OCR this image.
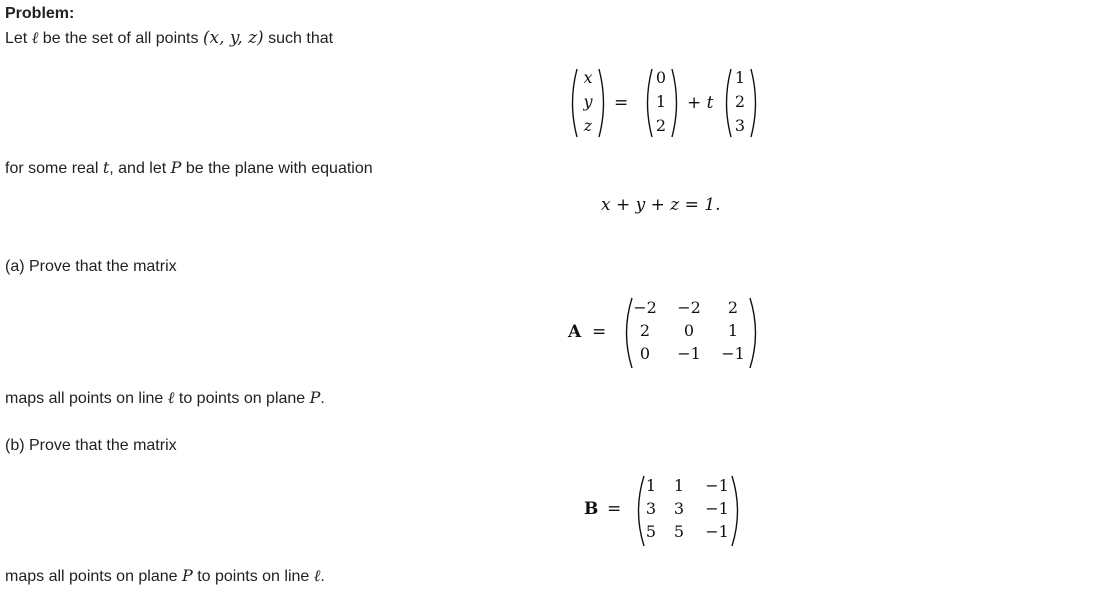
Problem:
Let ℓ be the set of all points (x, y, z) such that
x
y
z
=
0
1
2
+ t
1
2
3
for some real t, and let P be the plane with equation
x + y + z = 1.
(a) Prove that the matrix
A =
−2	−2	2
2	0	1
0	−1	−1
maps all points on line ℓ to points on plane P.
(b) Prove that the matrix
B =
1	1	−1
3	3	−1
5	5	−1
maps all points on plane P to points on line ℓ.
